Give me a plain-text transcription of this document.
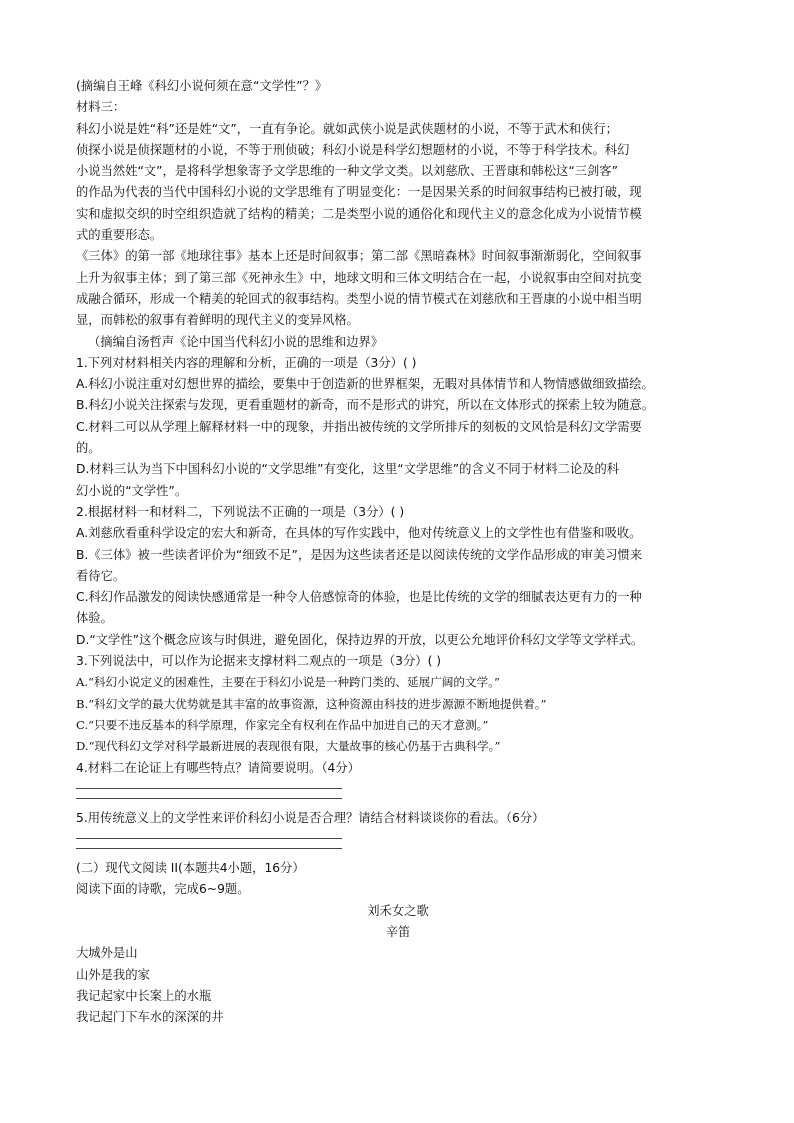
(摘编自王峰《科幻小说何须在意“文学性”？》

材料三：

科幻小说是姓“科”还是姓“文”，一直有争论。就如武侠小说是武侠题材的小说，不等于武术和侠行；

侦探小说是侦探题材的小说，不等于刑侦破；科幻小说是科学幻想题材的小说，不等于科学技术。科幻

小说当然姓“文”，是将科学想象寄予文学思维的一种文学文类。以刘慈欣、王晋康和韩松这“三剑客”

的作品为代表的当代中国科幻小说的文学思维有了明显变化：一是因果关系的时间叙事结构已被打破，现

实和虚拟交织的时空组织造就了结构的精美；二是类型小说的通俗化和现代主义的意念化成为小说情节模

式的重要形态。

《三体》的第一部《地球往事》基本上还是时间叙事；第二部《黑暗森林》时间叙事渐渐弱化，空间叙事

上升为叙事主体；到了第三部《死神永生》中，地球文明和三体文明结合在一起，小说叙事由空间对抗变

成融合循环，形成一个精美的轮回式的叙事结构。类型小说的情节模式在刘慈欣和王晋康的小说中相当明

显，而韩松的叙事有着鲜明的现代主义的变异风格。

（摘编自汤哲声《论中国当代科幻小说的思维和边界》

1.下列对材料相关内容的理解和分析，正确的一项是（3分）( )

A.科幻小说注重对幻想世界的描绘，要集中于创造新的世界框架，无暇对具体情节和人物情感做细致描绘。

B.科幻小说关注探索与发现，更看重题材的新奇，而不是形式的讲究，所以在文体形式的探索上较为随意。

C.材料二可以从学理上解释材料一中的现象，并指出被传统的文学所排斥的刻板的文风恰是科幻文学需要

的。

D.材料三认为当下中国科幻小说的“文学思维”有变化，这里“文学思维”的含义不同于材料二论及的科

幻小说的“文学性”。

2.根据材料一和材料二，下列说法不正确的一项是（3分）( )

A.刘慈欣看重科学设定的宏大和新奇，在具体的写作实践中，他对传统意义上的文学性也有借鉴和吸收。

B.《三体》被一些读者评价为“细致不足”，是因为这些读者还是以阅读传统的文学作品形成的审美习惯来

看待它。

C.科幻作品激发的阅读快感通常是一种令人倍感惊奇的体验，也是比传统的文学的细腻表达更有力的一种

体验。

D.“文学性”这个概念应该与时俱进，避免固化，保持边界的开放，以更公允地评价科幻文学等文学样式。

3.下列说法中，可以作为论据来支撑材料二观点的一项是（3分）( )

A.“科幻小说定义的困难性，主要在于科幻小说是一种跨门类的、延展广阔的文学。”

B.“科幻文学的最大优势就是其丰富的故事资源，这种资源由科技的进步源源不断地提供着。”

C.“只要不违反基本的科学原理，作家完全有权利在作品中加进自己的天才意测。”

D.“现代科幻文学对科学最新进展的表现很有限，大量故事的核心仍基于古典科学。”

4.材料二在论证上有哪些特点？请简要说明。（4分）

5.用传统意义上的文学性来评价科幻小说是否合理？请结合材料谈谈你的看法。（6分）

(二）现代文阅读 II(本题共4小题，16分）

阅读下面的诗歌，完成6~9题。

刘禾女之歌

辛笛

大城外是山

山外是我的家

我记起家中长案上的水瓶

我记起门下车水的深深的井
